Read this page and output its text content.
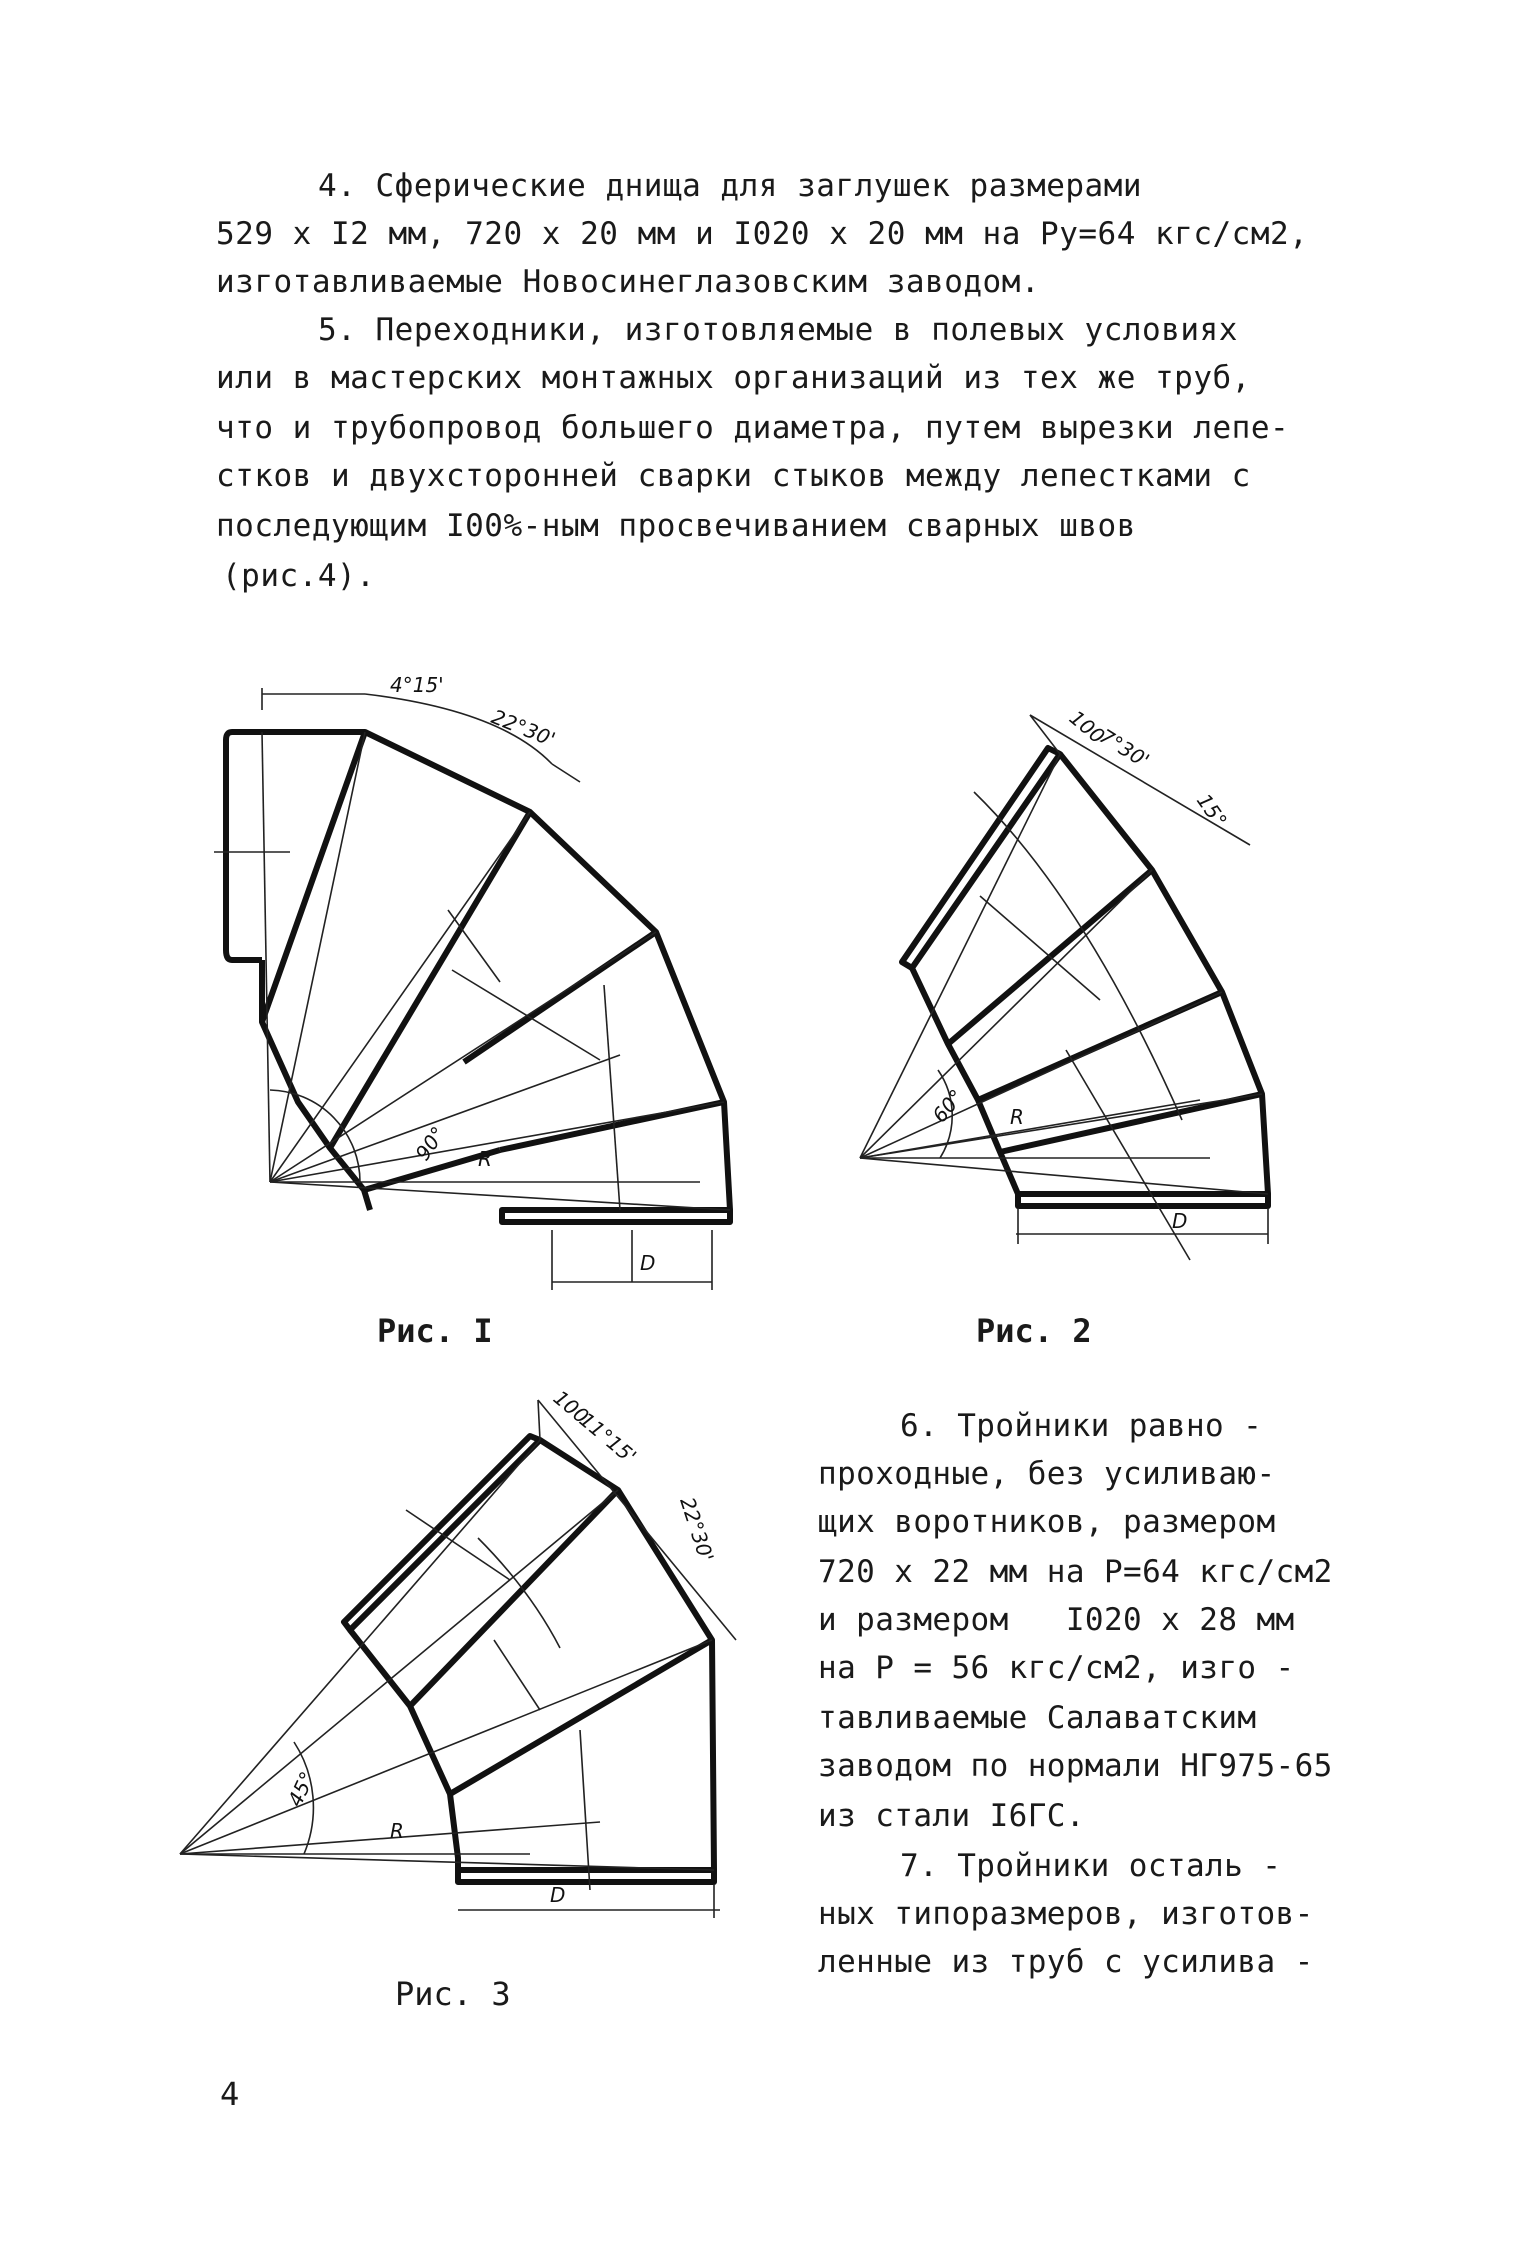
4. Сферические днища для заглушек размерами
529 x I2 мм, 720 x 20 мм и I020 x 20 мм на Py=64 кгс/см2,
изготавливаемые Новосинеглазовским заводом.
5. Переходники, изготовляемые в полевых условиях
или в мастерских монтажных организаций из тех же труб,
что и трубопровод большего диаметра, путем вырезки лепе-
стков и двухсторонней сварки стыков между лепестками с
последующим I00%-ным просвечиванием сварных швов
(рис.4).
4°15'
22°30'
90° R
D
Рис. I
100
7°30'
15°
60° R
D
Рис. 2
100
11°15'
22°30'
45°
R
D
Рис. 3
6. Тройники равно -
проходные, без усиливаю-
щих воротников, размером
720 x 22 мм на P=64 кгс/см2
и размером   I020 x 28 мм
на P = 56 кгс/см2, изго -
тавливаемые Салаватским
заводом по нормали НГ975-65
из стали I6ГС.
7. Тройники осталь -
ных типоразмеров, изготов-
ленные из труб с усилива -
4
